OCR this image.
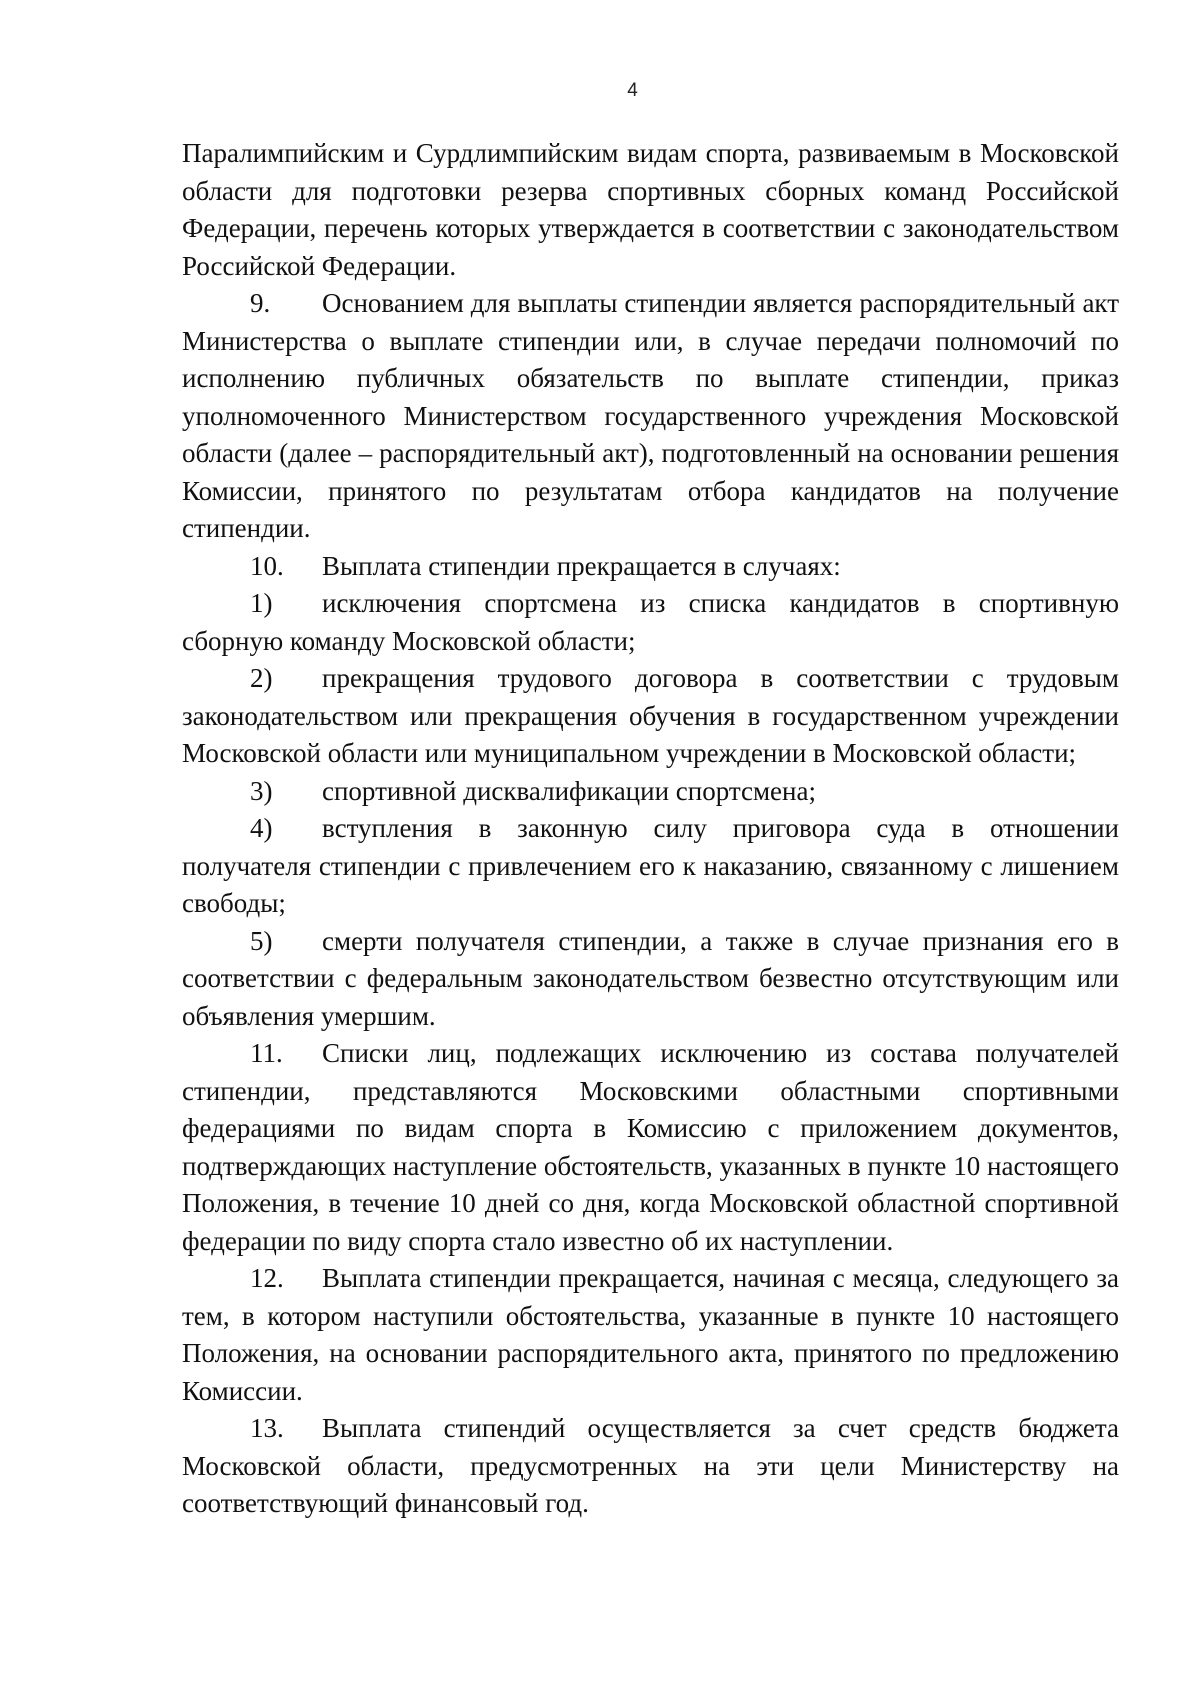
4

Паралимпийским и Сурдлимпийским видам спорта, развиваемым в Московской области для подготовки резерва спортивных сборных команд Российской Федерации, перечень которых утверждается в соответствии с законодательством Российской Федерации.

9. Основанием для выплаты стипендии является распорядительный акт Министерства о выплате стипендии или, в случае передачи полномочий по исполнению публичных обязательств по выплате стипендии, приказ уполномоченного Министерством государственного учреждения Московской области (далее – распорядительный акт), подготовленный на основании решения Комиссии, принятого по результатам отбора кандидатов на получение стипендии.

10. Выплата стипендии прекращается в случаях:

1) исключения спортсмена из списка кандидатов в спортивную сборную команду Московской области;

2) прекращения трудового договора в соответствии с трудовым законодательством или прекращения обучения в государственном учреждении Московской области или муниципальном учреждении в Московской области;

3) спортивной дисквалификации спортсмена;

4) вступления в законную силу приговора суда в отношении получателя стипендии с привлечением его к наказанию, связанному с лишением свободы;

5) смерти получателя стипендии, а также в случае признания его в соответствии с федеральным законодательством безвестно отсутствующим или объявления умершим.

11. Списки лиц, подлежащих исключению из состава получателей стипендии, представляются Московскими областными спортивными федерациями по видам спорта в Комиссию с приложением документов, подтверждающих наступление обстоятельств, указанных в пункте 10 настоящего Положения, в течение 10 дней со дня, когда Московской областной спортивной федерации по виду спорта стало известно об их наступлении.

12. Выплата стипендии прекращается, начиная с месяца, следующего за тем, в котором наступили обстоятельства, указанные в пункте 10 настоящего Положения, на основании распорядительного акта, принятого по предложению Комиссии.

13. Выплата стипендий осуществляется за счет средств бюджета Московской области, предусмотренных на эти цели Министерству на соответствующий финансовый год.
